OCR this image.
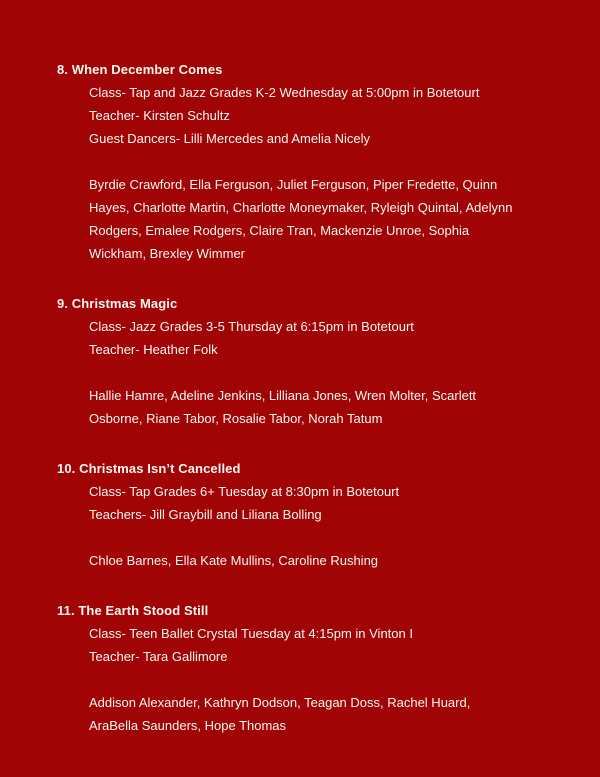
8. When December Comes

Class- Tap and Jazz Grades K-2 Wednesday at 5:00pm in Botetourt

Teacher- Kirsten Schultz

Guest Dancers- Lilli Mercedes and Amelia Nicely

Byrdie Crawford, Ella Ferguson, Juliet Ferguson, Piper Fredette, Quinn Hayes, Charlotte Martin, Charlotte Moneymaker, Ryleigh Quintal, Adelynn Rodgers, Emalee Rodgers, Claire Tran, Mackenzie Unroe, Sophia Wickham, Brexley Wimmer

9. Christmas Magic

Class- Jazz Grades 3-5 Thursday at 6:15pm in Botetourt

Teacher- Heather Folk

Hallie Hamre, Adeline Jenkins, Lilliana Jones, Wren Molter, Scarlett Osborne, Riane Tabor, Rosalie Tabor, Norah Tatum

10. Christmas Isn’t Cancelled

Class- Tap Grades 6+ Tuesday at 8:30pm in Botetourt

Teachers- Jill Graybill and Liliana Bolling

Chloe Barnes, Ella Kate Mullins, Caroline Rushing

11. The Earth Stood Still

Class- Teen Ballet Crystal Tuesday at 4:15pm in Vinton I

Teacher- Tara Gallimore

Addison Alexander, Kathryn Dodson, Teagan Doss, Rachel Huard, AraBella Saunders, Hope Thomas
